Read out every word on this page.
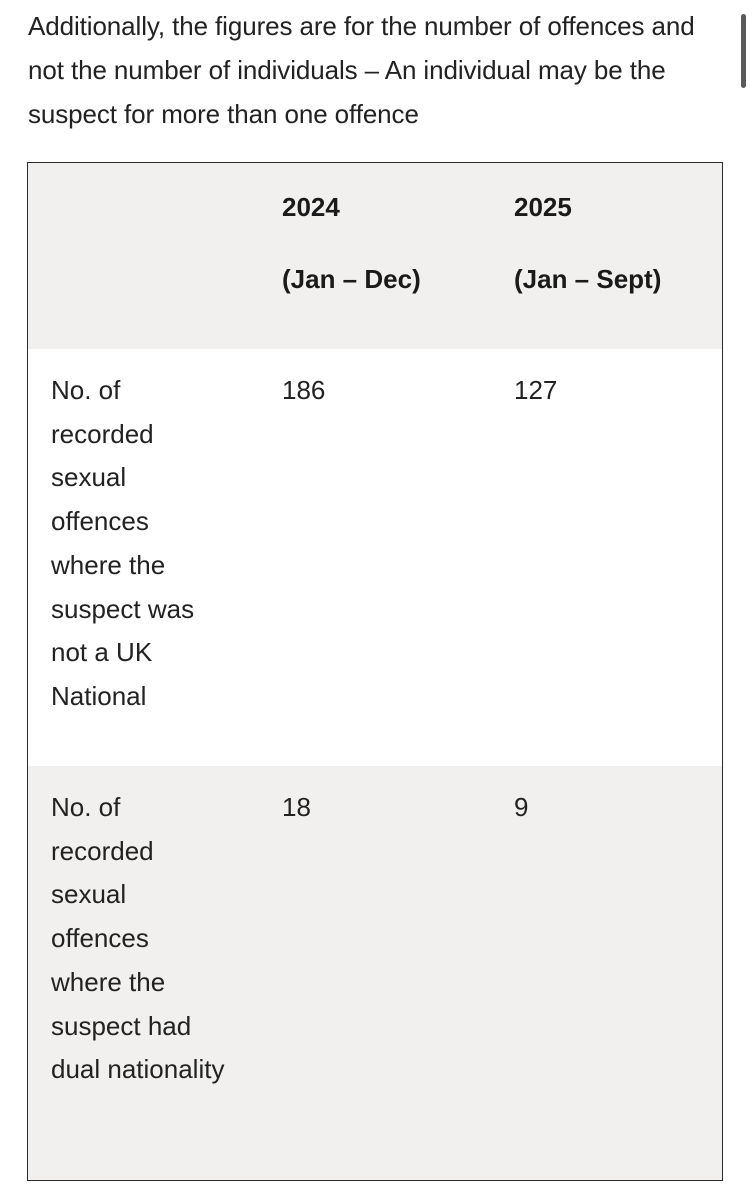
Additionally, the figures are for the number of offences and not the number of individuals – An individual may be the suspect for more than one offence
2024
(Jan – Dec)
2025
(Jan – Sept)
No. of recorded sexual offences where the suspect was not a UK National
186	127
No. of recorded sexual offences where the suspect had dual nationality
18	9
